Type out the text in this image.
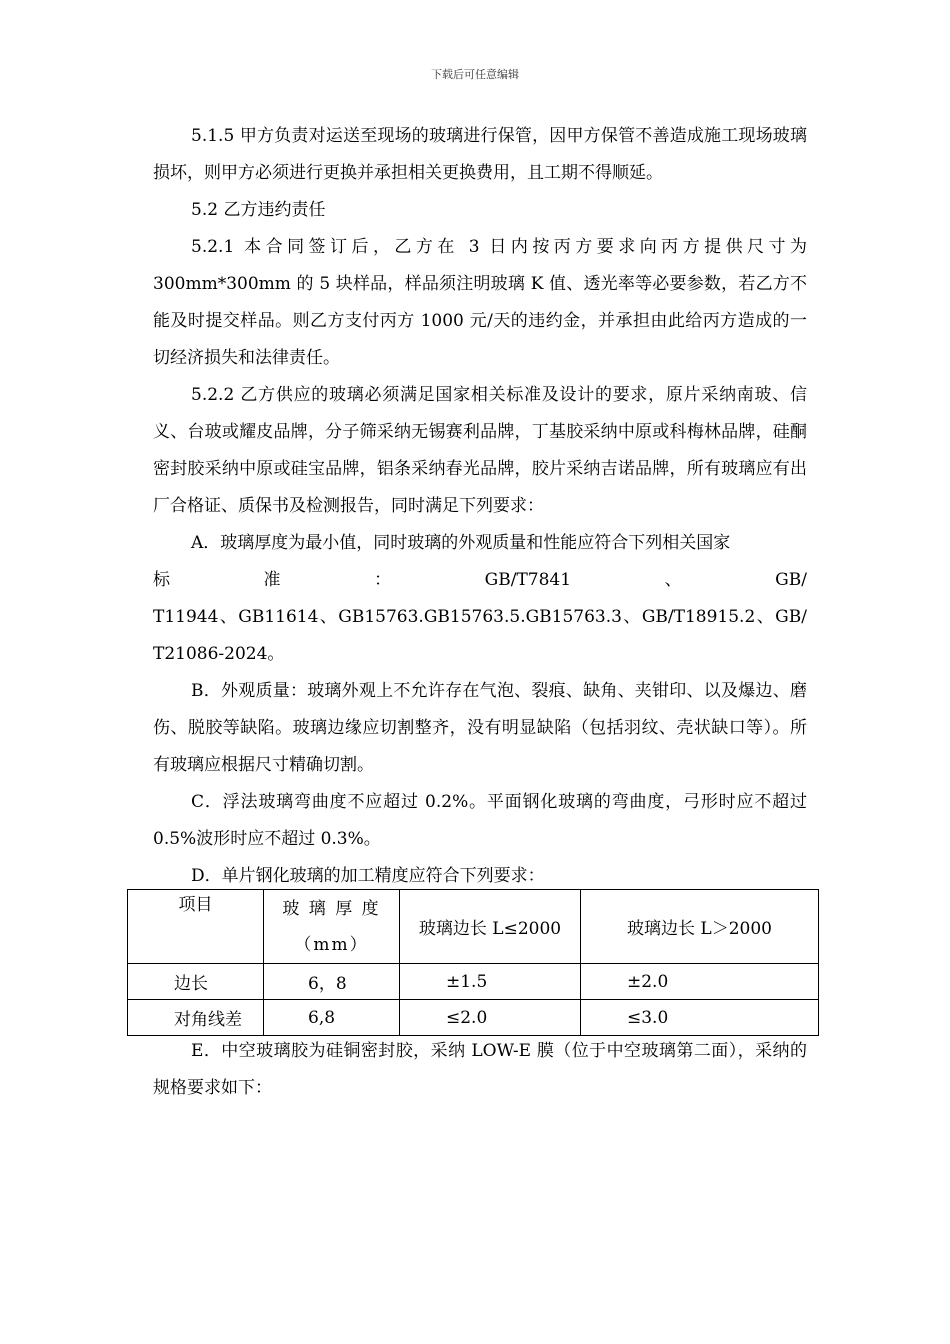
下载后可任意编辑

5.1.5 甲方负责对运送至现场的玻璃进行保管，因甲方保管不善造成施工现场玻璃损坏，则甲方必须进行更换并承担相关更换费用，且工期不得顺延。

5.2 乙方违约责任

5.2.1 本合同签订后，乙方在 3 日内按丙方要求向丙方提供尺寸为 300mm*300mm 的 5 块样品，样品须注明玻璃 K 值、透光率等必要参数，若乙方不能及时提交样品。则乙方支付丙方 1000 元/天的违约金，并承担由此给丙方造成的一切经济损失和法律责任。

5.2.2 乙方供应的玻璃必须满足国家相关标准及设计的要求，原片采纳南玻、信义、台玻或耀皮品牌，分子筛采纳无锡赛利品牌，丁基胶采纳中原或科梅林品牌，硅酮密封胶采纳中原或硅宝品牌，铝条采纳春光品牌，胶片采纳吉诺品牌，所有玻璃应有出厂合格证、质保书及检测报告，同时满足下列要求：

A．玻璃厚度为最小值，同时玻璃的外观质量和性能应符合下列相关国家

标	准	：	GB/T7841	、	GB/
T11944 、 GB11614 、 GB15763.GB15763.5.GB15763.3 、 GB/T18915.2 、 GB/

T21086-2024。

B．外观质量：玻璃外观上不允许存在气泡、裂痕、缺角、夹钳印、以及爆边、磨伤、脱胶等缺陷。玻璃边缘应切割整齐，没有明显缺陷（包括羽纹、壳状缺口等）。所有玻璃应根据尺寸精确切割。

C．浮法玻璃弯曲度不应超过 0.2%。平面钢化玻璃的弯曲度，弓形时应不超过 0.5%波形时应不超过 0.3%。

D．单片钢化玻璃的加工精度应符合下列要求：

项目	玻 璃 厚 度（mm）	玻璃边长 L≤2000	玻璃边长 L＞2000
边长	6，8	±1.5	±2.0
对角线差	6,8	≤2.0	≤3.0

E．中空玻璃胶为硅铜密封胶，采纳 LOW-E 膜（位于中空玻璃第二面），采纳的规格要求如下：
